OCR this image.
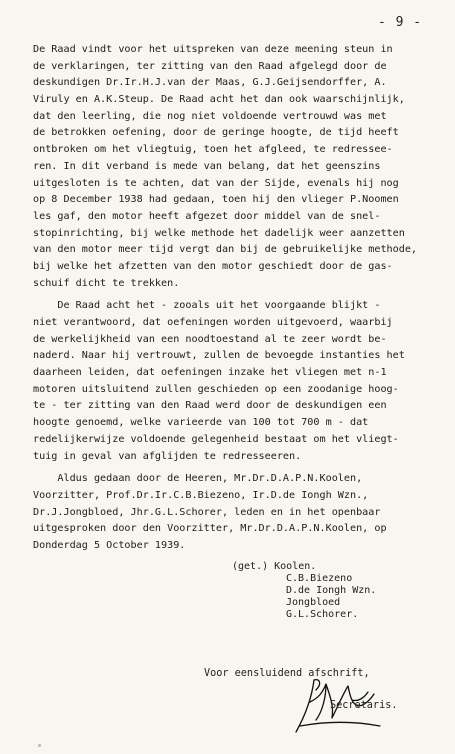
- 9 -
De Raad vindt voor het uitspreken van deze meening steun in
de verklaringen, ter zitting van den Raad afgelegd door de
deskundigen Dr.Ir.H.J.van der Maas, G.J.Geijsendorffer, A.
Viruly en A.K.Steup. De Raad acht het dan ook waarschijnlijk,
dat den leerling, die nog niet voldoende vertrouwd was met
de betrokken oefening, door de geringe hoogte, de tijd heeft
ontbroken om het vliegtuig, toen het afgleed, te redressee-
ren. In dit verband is mede van belang, dat het geenszins
uitgesloten is te achten, dat van der Sijde, evenals hij nog
op 8 December 1938 had gedaan, toen hij den vlieger P.Noomen
les gaf, den motor heeft afgezet door middel van de snel-
stopinrichting, bij welke methode het dadelijk weer aanzetten
van den motor meer tijd vergt dan bij de gebruikelijke methode,
bij welke het afzetten van den motor geschiedt door de gas-
schuif dicht te trekken.
De Raad acht het - zooals uit het voorgaande blijkt -
niet verantwoord, dat oefeningen worden uitgevoerd, waarbij
de werkelijkheid van een noodtoestand al te zeer wordt be-
naderd. Naar hij vertrouwt, zullen de bevoegde instanties het
daarheen leiden, dat oefeningen inzake het vliegen met n-1
motoren uitsluitend zullen geschieden op een zoodanige hoog-
te - ter zitting van den Raad werd door de deskundigen een
hoogte genoemd, welke varieerde van 100 tot 700 m - dat
redelijkerwijze voldoende gelegenheid bestaat om het vliegt-
tuig in geval van afglijden te redresseeren.
Aldus gedaan door de Heeren, Mr.Dr.D.A.P.N.Koolen,
Voorzitter, Prof.Dr.Ir.C.B.Biezeno, Ir.D.de Iongh Wzn.,
Dr.J.Jongbloed, Jhr.G.L.Schorer, leden en in het openbaar
uitgesproken door den Voorzitter, Mr.Dr.D.A.P.N.Koolen, op
Donderdag 5 October 1939.
(get.) Koolen.
C.B.Biezeno
D.de Iongh Wzn.
Jongbloed
G.L.Schorer.
Voor eensluidend afschrift,
Secretaris.
